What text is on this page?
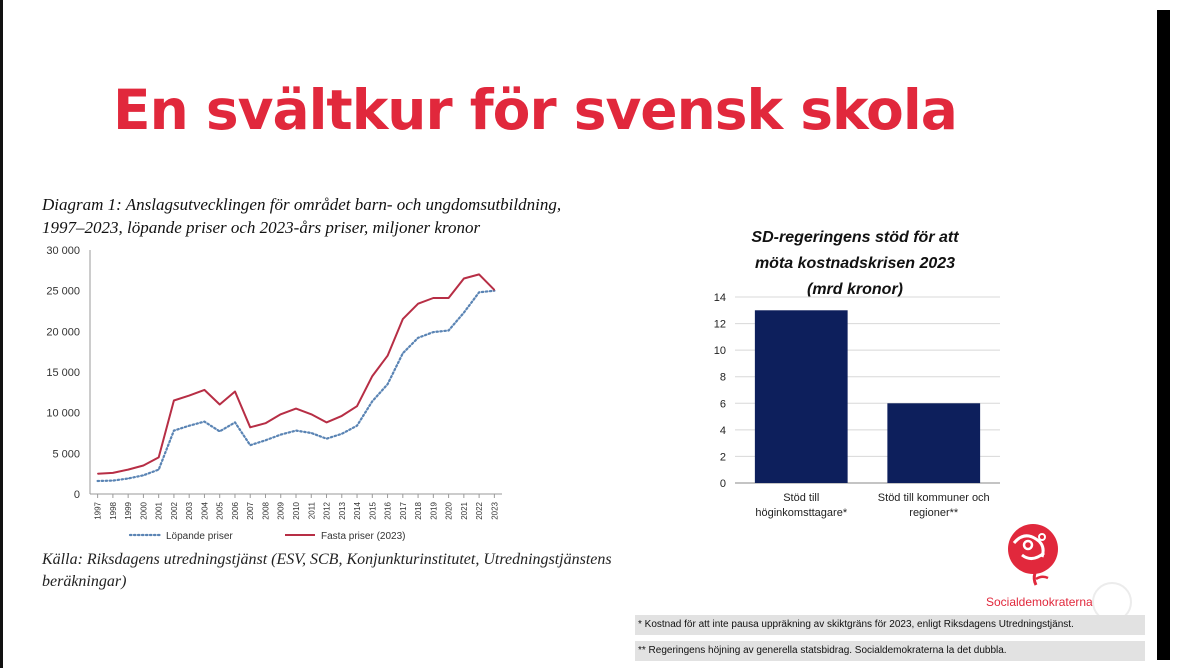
En svältkur för svensk skola
Diagram 1: Anslagsutvecklingen för området barn- och ungdomsutbildning,
1997–2023, löpande priser och 2023-års priser, miljoner kronor
0
5 000
10 000
15 000
20 000
25 000
30 000
1997 1998 1999 2000 2001 2002 2003 2004 2005 2006 2007 2008 2009 2010 2011 2012 2013 2014 2015 2016 2017 2018 2019 2020 2021 2022 2023
Löpande priser	Fasta priser (2023)
Källa: Riksdagens utredningstjänst (ESV, SCB, Konjunkturinstitutet, Utredningstjänstens
beräkningar)
SD-regeringens stöd för att
möta kostnadskrisen 2023
(mrd kronor)
0
2
4
6
8
10
12
14
Stöd till
höginkomsttagare*
Stöd till kommuner och
regioner**
Socialdemokraterna
* Kostnad för att inte pausa uppräkning av skiktgräns för 2023, enligt Riksdagens Utredningstjänst.
** Regeringens höjning av generella statsbidrag. Socialdemokraterna la det dubbla.
